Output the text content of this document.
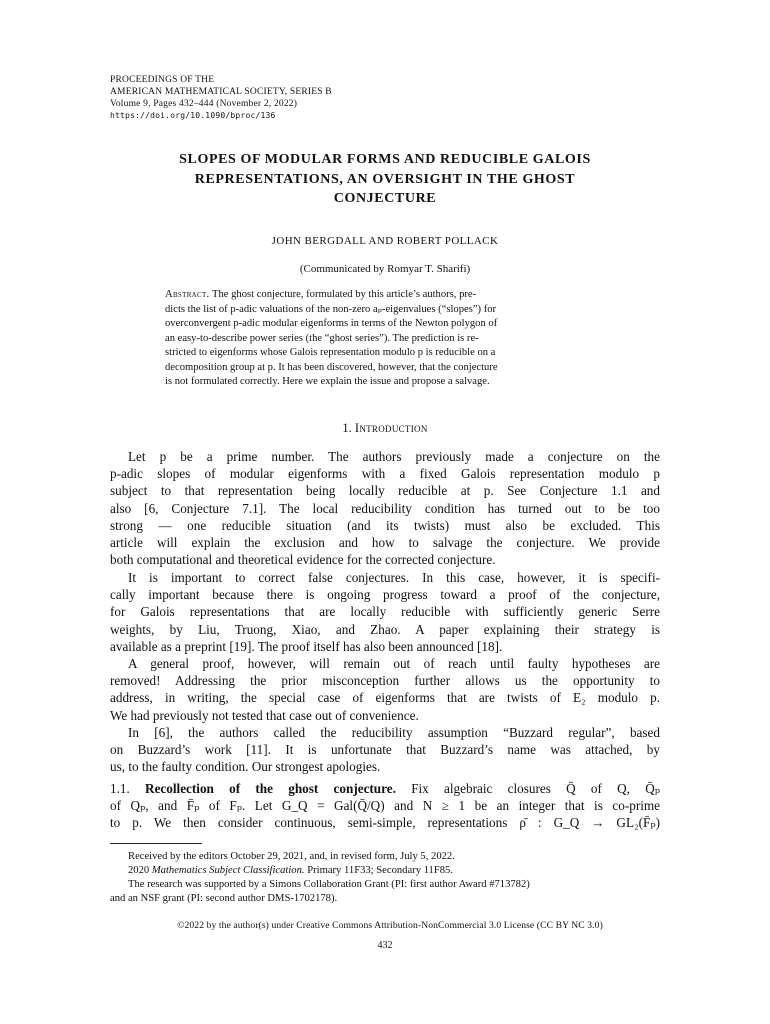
PROCEEDINGS OF THE
AMERICAN MATHEMATICAL SOCIETY, SERIES B
Volume 9, Pages 432–444 (November 2, 2022)
https://doi.org/10.1090/bproc/136
SLOPES OF MODULAR FORMS AND REDUCIBLE GALOIS
REPRESENTATIONS, AN OVERSIGHT IN THE GHOST
CONJECTURE
JOHN BERGDALL AND ROBERT POLLACK
(Communicated by Romyar T. Sharifi)
Abstract. The ghost conjecture, formulated by this article’s authors, pre-
dicts the list of p-adic valuations of the non-zero aₚ-eigenvalues (“slopes”) for
overconvergent p-adic modular eigenforms in terms of the Newton polygon of
an easy-to-describe power series (the “ghost series”). The prediction is re-
stricted to eigenforms whose Galois representation modulo p is reducible on a
decomposition group at p. It has been discovered, however, that the conjecture
is not formulated correctly. Here we explain the issue and propose a salvage.
1. Introduction
Let p be a prime number. The authors previously made a conjecture on the
p-adic slopes of modular eigenforms with a fixed Galois representation modulo p
subject to that representation being locally reducible at p. See Conjecture 1.1 and
also [6, Conjecture 7.1]. The local reducibility condition has turned out to be too
strong — one reducible situation (and its twists) must also be excluded. This
article will explain the exclusion and how to salvage the conjecture. We provide
both computational and theoretical evidence for the corrected conjecture.
It is important to correct false conjectures. In this case, however, it is specifi-
cally important because there is ongoing progress toward a proof of the conjecture,
for Galois representations that are locally reducible with sufficiently generic Serre
weights, by Liu, Truong, Xiao, and Zhao. A paper explaining their strategy is
available as a preprint [19]. The proof itself has also been announced [18].
A general proof, however, will remain out of reach until faulty hypotheses are
removed! Addressing the prior misconception further allows us the opportunity to
address, in writing, the special case of eigenforms that are twists of E₂ modulo p.
We had previously not tested that case out of convenience.
In [6], the authors called the reducibility assumption “Buzzard regular”, based
on Buzzard’s work [11]. It is unfortunate that Buzzard’s name was attached, by
us, to the faulty condition. Our strongest apologies.
1.1. Recollection of the ghost conjecture. Fix algebraic closures Q̄ of Q, Q̄ₚ
of Qₚ, and F̄ₚ of Fₚ. Let G_Q = Gal(Q̄/Q) and N ≥ 1 be an integer that is co-prime
to p. We then consider continuous, semi-simple, representations ρ̄ : G_Q → GL₂(F̄ₚ)
Received by the editors October 29, 2021, and, in revised form, July 5, 2022.
2020 Mathematics Subject Classification. Primary 11F33; Secondary 11F85.
The research was supported by a Simons Collaboration Grant (PI: first author Award #713782)
and an NSF grant (PI: second author DMS-1702178).
©2022 by the author(s) under Creative Commons Attribution-NonCommercial 3.0 License (CC BY NC 3.0)
432
